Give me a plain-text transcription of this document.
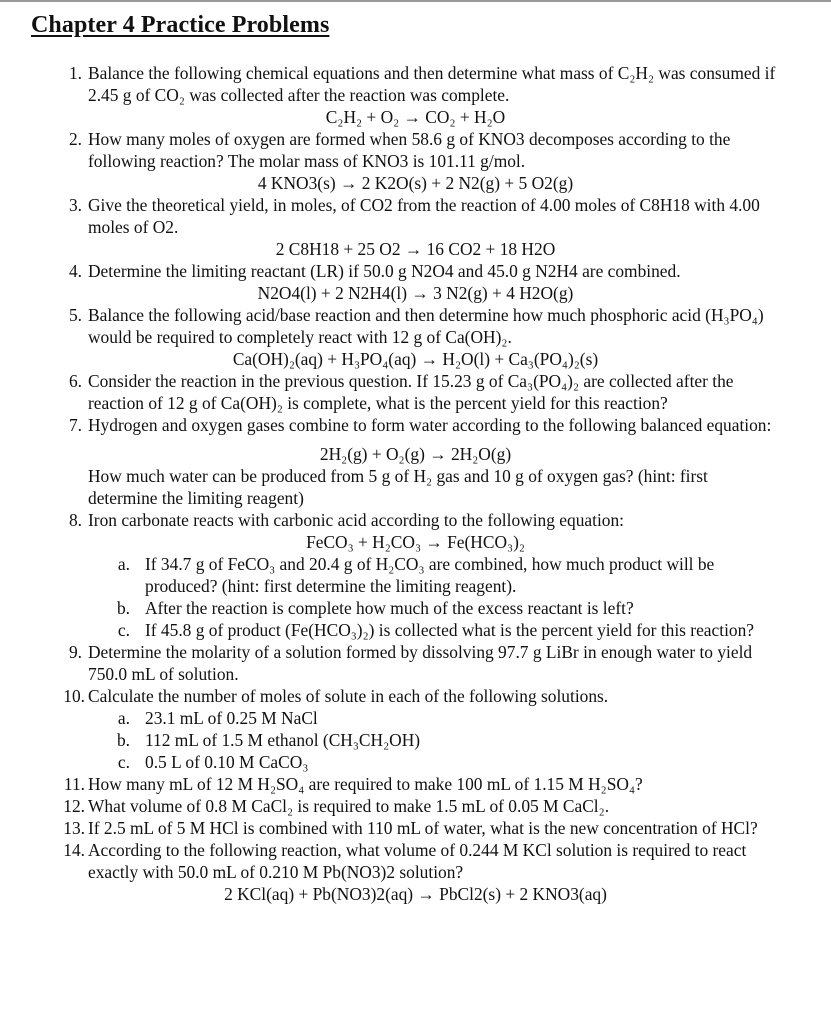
Chapter 4 Practice Problems
1. Balance the following chemical equations and then determine what mass of C₂H₂ was consumed if 2.45 g of CO₂ was collected after the reaction was complete.
C₂H₂ + O₂ → CO₂ + H₂O
2. How many moles of oxygen are formed when 58.6 g of KNO3 decomposes according to the following reaction? The molar mass of KNO3 is 101.11 g/mol.
4 KNO3(s) → 2 K2O(s) + 2 N2(g) + 5 O2(g)
3. Give the theoretical yield, in moles, of CO2 from the reaction of 4.00 moles of C8H18 with 4.00 moles of O2.
2 C8H18 + 25 O2 → 16 CO2 + 18 H2O
4. Determine the limiting reactant (LR) if 50.0 g N2O4 and 45.0 g N2H4 are combined.
N2O4(l) + 2 N2H4(l) → 3 N2(g) + 4 H2O(g)
5. Balance the following acid/base reaction and then determine how much phosphoric acid (H₃PO₄) would be required to completely react with 12 g of Ca(OH)₂.
Ca(OH)₂(aq) + H₃PO₄(aq) → H₂O(l) + Ca₃(PO₄)₂(s)
6. Consider the reaction in the previous question. If 15.23 g of Ca₃(PO₄)₂ are collected after the reaction of 12 g of Ca(OH)₂ is complete, what is the percent yield for this reaction?
7. Hydrogen and oxygen gases combine to form water according to the following balanced equation:
2H₂(g) + O₂(g) → 2H₂O(g)
How much water can be produced from 5 g of H₂ gas and 10 g of oxygen gas? (hint: first determine the limiting reagent)
8. Iron carbonate reacts with carbonic acid according to the following equation:
FeCO₃ + H₂CO₃ → Fe(HCO₃)₂
a. If 34.7 g of FeCO₃ and 20.4 g of H₂CO₃ are combined, how much product will be produced? (hint: first determine the limiting reagent).
b. After the reaction is complete how much of the excess reactant is left?
c. If 45.8 g of product (Fe(HCO₃)₂) is collected what is the percent yield for this reaction?
9. Determine the molarity of a solution formed by dissolving 97.7 g LiBr in enough water to yield 750.0 mL of solution.
10. Calculate the number of moles of solute in each of the following solutions.
a. 23.1 mL of 0.25 M NaCl
b. 112 mL of 1.5 M ethanol (CH₃CH₂OH)
c. 0.5 L of 0.10 M CaCO₃
11. How many mL of 12 M H₂SO₄ are required to make 100 mL of 1.15 M H₂SO₄?
12. What volume of 0.8 M CaCl₂ is required to make 1.5 mL of 0.05 M CaCl₂.
13. If 2.5 mL of 5 M HCl is combined with 110 mL of water, what is the new concentration of HCl?
14. According to the following reaction, what volume of 0.244 M KCl solution is required to react exactly with 50.0 mL of 0.210 M Pb(NO3)2 solution?
2 KCl(aq) + Pb(NO3)2(aq) → PbCl2(s) + 2 KNO3(aq)
